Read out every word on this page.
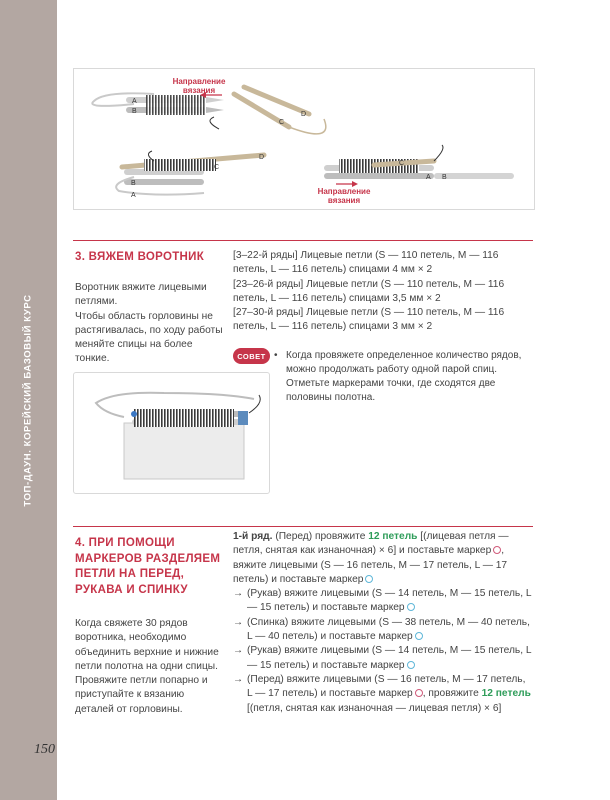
ТОП-ДАУН. КОРЕЙСКИЙ БАЗОВЫЙ КУРС
150
A
B
C
D
C
D
B
A
C
A B
Направление вязания
Направление вязания
3. ВЯЖЕМ ВОРОТНИК

Воротник вяжите лицевыми петлями.

Чтобы область горловины не растягивалась, по ходу работы меняйте спицы на более тонкие.

[3–22-й ряды] Лицевые петли (S — 110 петель, M — 116 петель, L — 116 петель) спицами 4 мм × 2

[23–26-й ряды] Лицевые петли (S — 110 петель, M — 116 петель, L — 116 петель) спицами 3,5 мм × 2

[27–30-й ряды] Лицевые петли (S — 110 петель, M — 116 петель, L — 116 петель) спицами 3 мм × 2

СОВЕТ • Когда провяжете определенное количество рядов, можно продолжать работу одной парой спиц. Отметьте маркерами точки, где сходятся две половины полотна.
4. ПРИ ПОМОЩИ МАРКЕРОВ РАЗДЕЛЯЕМ ПЕТЛИ НА ПЕРЕД, РУКАВА И СПИНКУ
Когда свяжете 30 рядов воротника, необходимо объединить верхние и нижние петли полотна на одни спицы. Провяжите петли попарно и приступайте к вязанию деталей от горловины.

1-й ряд. (Перед) провяжите 12 петель [(лицевая петля — петля, снятая как изнаночная) × 6] и поставьте маркер , вяжите лицевыми (S — 16 петель, M — 17 петель, L — 17 петель) и поставьте маркер

→ (Рукав) вяжите лицевыми (S — 14 петель, M — 15 петель, L — 15 петель) и поставьте маркер

→ (Спинка) вяжите лицевыми (S — 38 петель, M — 40 петель, L — 40 петель) и поставьте маркер

→ (Рукав) вяжите лицевыми (S — 14 петель, M — 15 петель, L — 15 петель) и поставьте маркер

→ (Перед) вяжите лицевыми (S — 16 петель, M — 17 петель, L — 17 петель) и поставьте маркер , провяжите 12 петель [(петля, снятая как изнаночная — лицевая петля) × 6]
